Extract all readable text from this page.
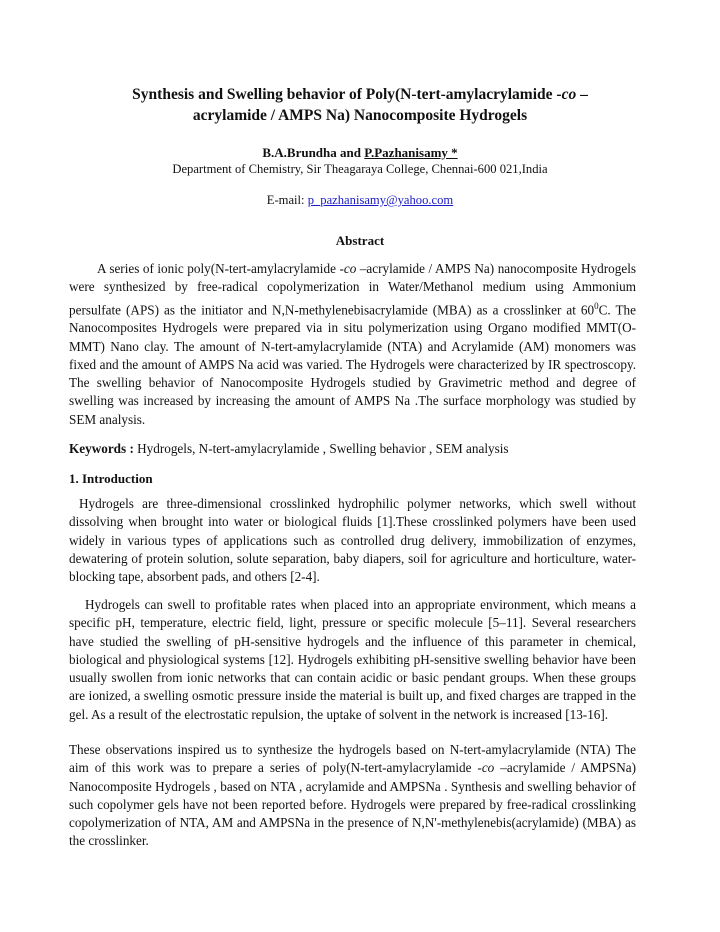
Synthesis and Swelling behavior of Poly(N-tert-amylacrylamide -co –
acrylamide / AMPS Na) Nanocomposite Hydrogels
B.A.Brundha and P.Pazhanisamy *
Department of Chemistry, Sir Theagaraya College, Chennai-600 021,India
E-mail: p_pazhanisamy@yahoo.com
Abstract
A series of ionic poly(N-tert-amylacrylamide -co –acrylamide / AMPS Na) nanocomposite Hydrogels were synthesized by free-radical copolymerization in Water/Methanol medium using Ammonium persulfate (APS) as the initiator and N,N-methylenebisacrylamide (MBA) as a crosslinker at $60^0C$. The Nanocomposites Hydrogels were prepared via in situ polymerization using Organo modified MMT(O-MMT) Nano clay. The amount of N-tert-amylacrylamide (NTA) and Acrylamide (AM) monomers was fixed and the amount of AMPS Na acid was varied. The Hydrogels were characterized by IR spectroscopy. The swelling behavior of Nanocomposite Hydrogels studied by Gravimetric method and degree of swelling was increased by increasing the amount of AMPS Na .The surface morphology was studied by SEM analysis.
Keywords : Hydrogels, N-tert-amylacrylamide , Swelling behavior , SEM analysis
1. Introduction
Hydrogels are three-dimensional crosslinked hydrophilic polymer networks, which swell without dissolving when brought into water or biological fluids [1].These crosslinked polymers have been used widely in various types of applications such as controlled drug delivery, immobilization of enzymes, dewatering of protein solution, solute separation, baby diapers, soil for agriculture and horticulture, water-blocking tape, absorbent pads, and others [2-4].
Hydrogels can swell to profitable rates when placed into an appropriate environment, which means a specific pH, temperature, electric field, light, pressure or specific molecule [5–11]. Several researchers have studied the swelling of pH-sensitive hydrogels and the influence of this parameter in chemical, biological and physiological systems [12]. Hydrogels exhibiting pH-sensitive swelling behavior have been usually swollen from ionic networks that can contain acidic or basic pendant groups. When these groups are ionized, a swelling osmotic pressure inside the material is built up, and fixed charges are trapped in the gel. As a result of the electrostatic repulsion, the uptake of solvent in the network is increased [13-16].
These observations inspired us to synthesize the hydrogels based on N-tert-amylacrylamide (NTA) The aim of this work was to prepare a series of poly(N-tert-amylacrylamide -co –acrylamide / AMPSNa) Nanocomposite Hydrogels , based on NTA , acrylamide and AMPSNa . Synthesis and swelling behavior of such copolymer gels have not been reported before. Hydrogels were prepared by free-radical crosslinking copolymerization of NTA, AM and AMPSNa in the presence of N,N'-methylenebis(acrylamide) (MBA) as the crosslinker.
